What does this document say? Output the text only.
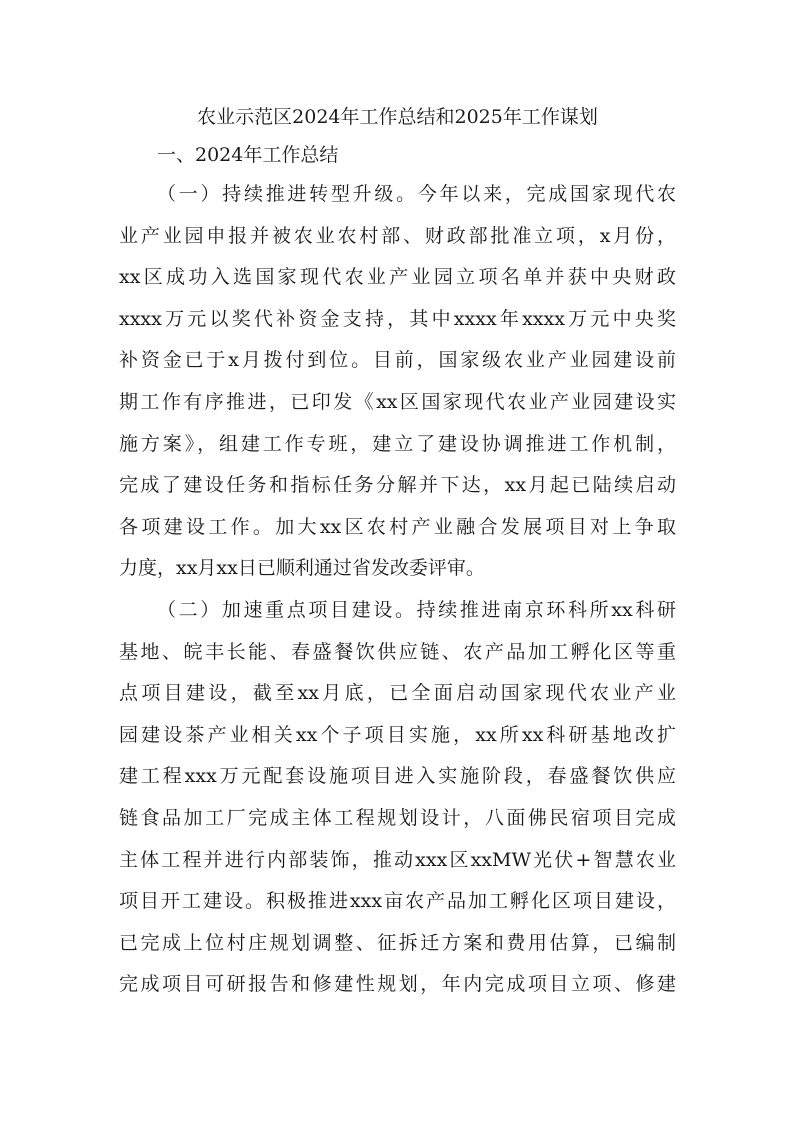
农业示范区2024年工作总结和2025年工作谋划

一、2024年工作总结

（一）持续推进转型升级。今年以来，完成国家现代农
业产业园申报并被农业农村部、财政部批准立项，x月份，
xx区成功入选国家现代农业产业园立项名单并获中央财政
xxxx万元以奖代补资金支持，其中xxxx年xxxx万元中央奖
补资金已于x月拨付到位。目前，国家级农业产业园建设前
期工作有序推进，已印发《xx区国家现代农业产业园建设实
施方案》，组建工作专班，建立了建设协调推进工作机制，
完成了建设任务和指标任务分解并下达，xx月起已陆续启动
各项建设工作。加大xx区农村产业融合发展项目对上争取
力度，xx月xx日已顺利通过省发改委评审。
（二）加速重点项目建设。持续推进南京环科所xx科研
基地、皖丰长能、春盛餐饮供应链、农产品加工孵化区等重
点项目建设，截至xx月底，已全面启动国家现代农业产业
园建设茶产业相关xx个子项目实施，xx所xx科研基地改扩
建工程xxx万元配套设施项目进入实施阶段，春盛餐饮供应
链食品加工厂完成主体工程规划设计，八面佛民宿项目完成
主体工程并进行内部装饰，推动xxx区xxMW光伏+智慧农业
项目开工建设。积极推进xxx亩农产品加工孵化区项目建设，
已完成上位村庄规划调整、征拆迁方案和费用估算，已编制
完成项目可研报告和修建性规划，年内完成项目立项、修建
